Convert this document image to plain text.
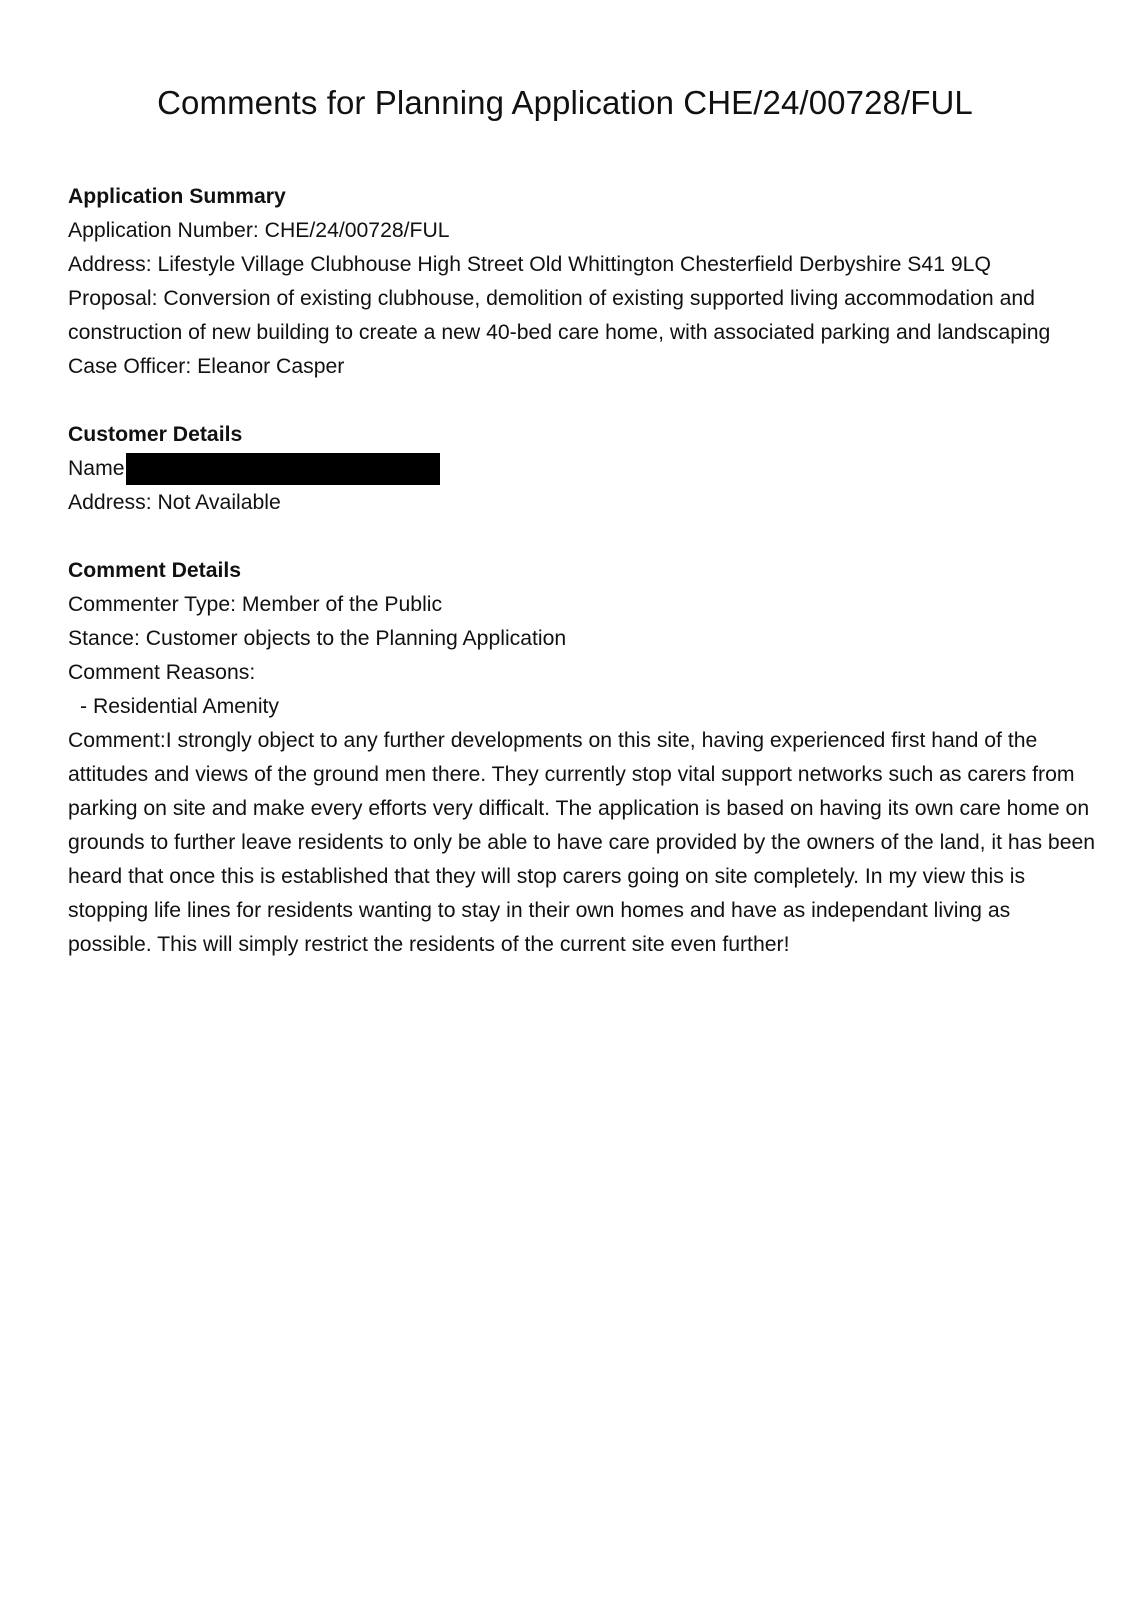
Comments for Planning Application CHE/24/00728/FUL

Application Summary

Application Number: CHE/24/00728/FUL

Address: Lifestyle Village Clubhouse High Street Old Whittington Chesterfield Derbyshire S41 9LQ

Proposal: Conversion of existing clubhouse, demolition of existing supported living accommodation and construction of new building to create a new 40-bed care home, with associated parking and landscaping

Case Officer: Eleanor Casper

Customer Details

Name

Address: Not Available

Comment Details

Commenter Type: Member of the Public

Stance: Customer objects to the Planning Application

Comment Reasons:

- Residential Amenity

Comment:I strongly object to any further developments on this site, having experienced first hand of the attitudes and views of the ground men there. They currently stop vital support networks such as carers from parking on site and make every efforts very difficalt. The application is based on having its own care home on grounds to further leave residents to only be able to have care provided by the owners of the land, it has been heard that once this is established that they will stop carers going on site completely. In my view this is stopping life lines for residents wanting to stay in their own homes and have as independant living as possible. This will simply restrict the residents of the current site even further!
